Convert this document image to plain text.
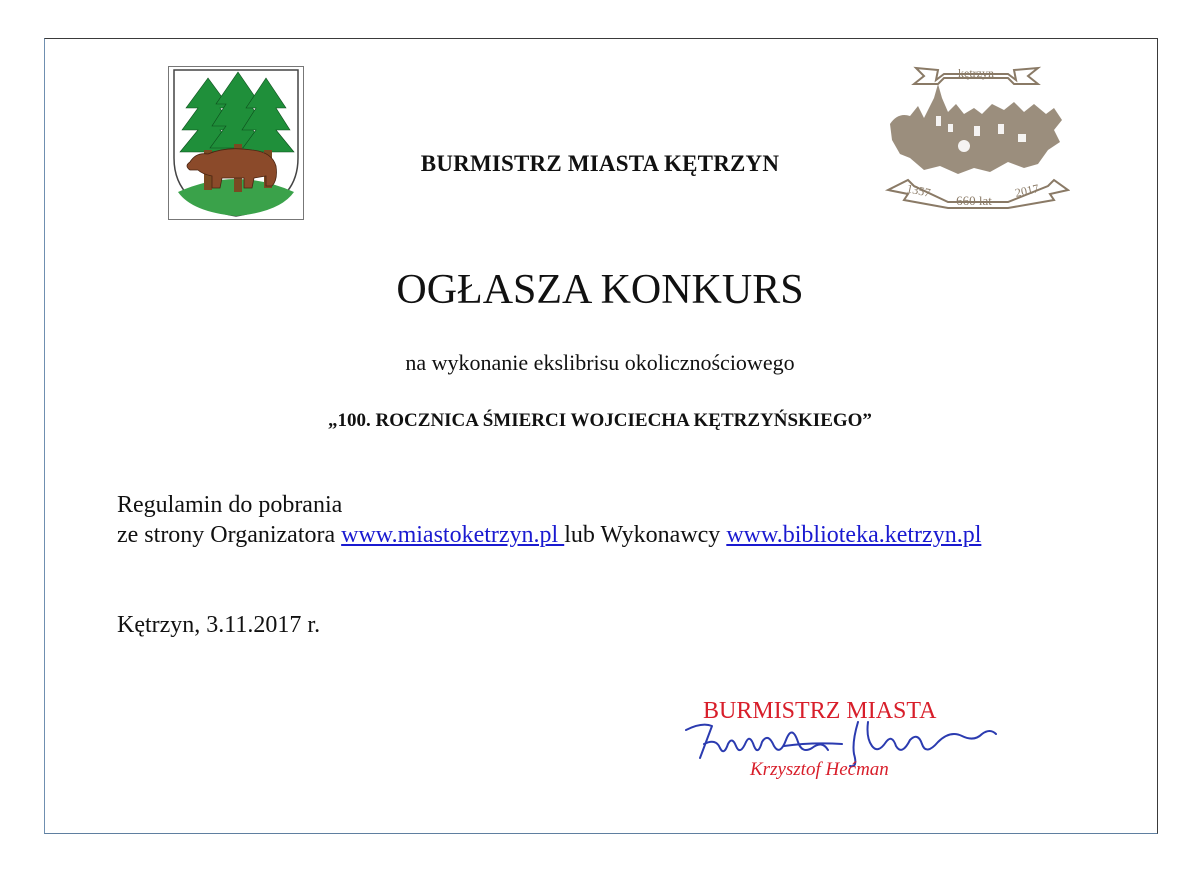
kętrzyn
1357
660 lat
2017
BURMISTRZ MIASTA KĘTRZYN
OGŁASZA KONKURS
na wykonanie ekslibrisu okolicznościowego
„100. ROCZNICA ŚMIERCI WOJCIECHA KĘTRZYŃSKIEGO”
Regulamin do pobrania
ze strony Organizatora www.miastoketrzyn.pl lub Wykonawcy www.biblioteka.ketrzyn.pl
Kętrzyn, 3.11.2017 r.
BURMISTRZ MIASTA
Krzysztof Hećman
